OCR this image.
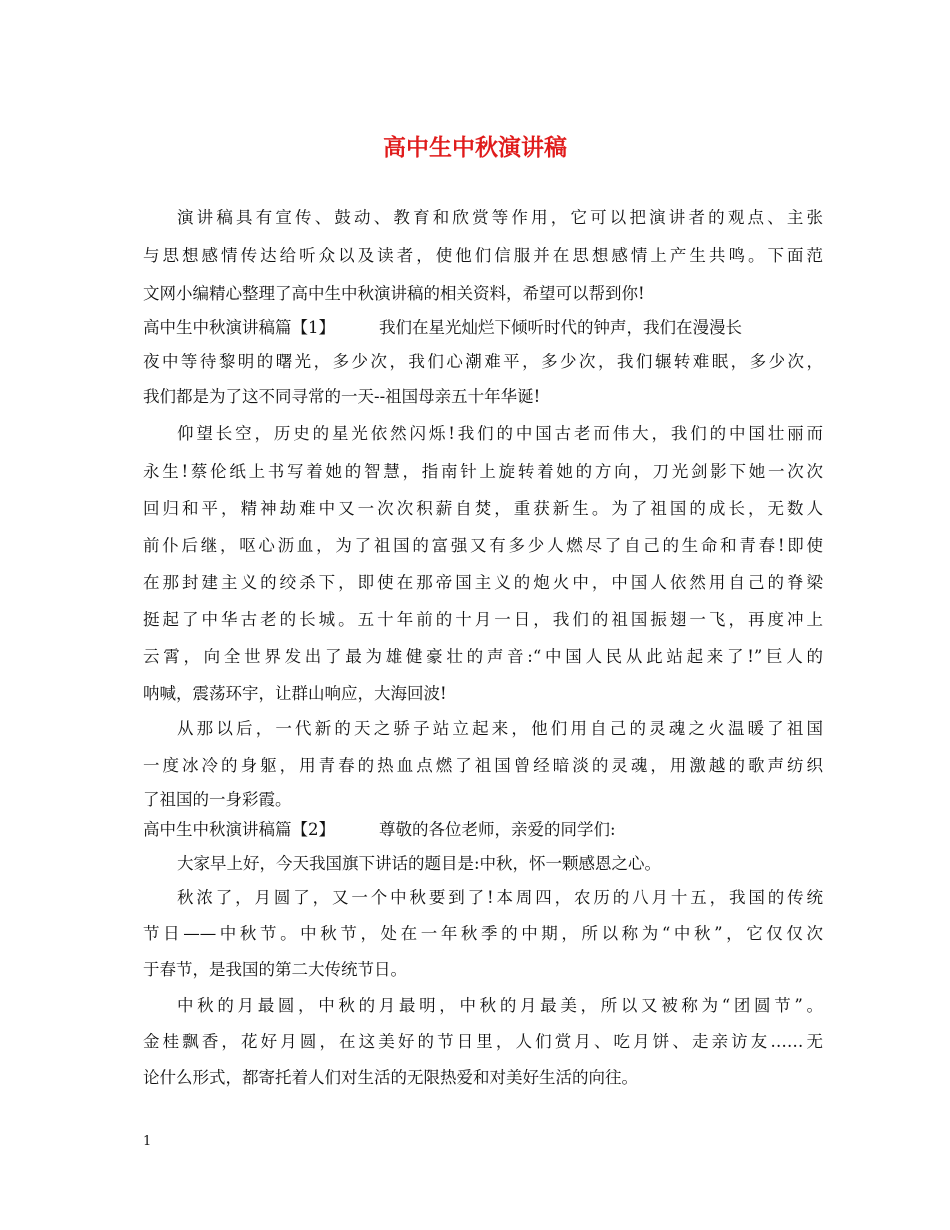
高中生中秋演讲稿

演讲稿具有宣传、鼓动、教育和欣赏等作用，它可以把演讲者的观点、主张

与思想感情传达给听众以及读者，使他们信服并在思想感情上产生共鸣。下面范

文网小编精心整理了高中生中秋演讲稿的相关资料，希望可以帮到你!

高中生中秋演讲稿篇【1】	我们在星光灿烂下倾听时代的钟声，我们在漫漫长

夜中等待黎明的曙光，多少次，我们心潮难平，多少次，我们辗转难眠，多少次，

我们都是为了这不同寻常的一天--祖国母亲五十年华诞!

仰望长空，历史的星光依然闪烁!我们的中国古老而伟大，我们的中国壮丽而

永生!蔡伦纸上书写着她的智慧，指南针上旋转着她的方向，刀光剑影下她一次次

回归和平，精神劫难中又一次次积薪自焚，重获新生。为了祖国的成长，无数人

前仆后继，呕心沥血，为了祖国的富强又有多少人燃尽了自己的生命和青春!即使

在那封建主义的绞杀下，即使在那帝国主义的炮火中，中国人依然用自己的脊梁

挺起了中华古老的长城。五十年前的十月一日，我们的祖国振翅一飞，再度冲上

云霄，向全世界发出了最为雄健豪壮的声音:“中国人民从此站起来了!”巨人的

呐喊，震荡环宇，让群山响应，大海回波!

从那以后，一代新的天之骄子站立起来，他们用自己的灵魂之火温暖了祖国

一度冰冷的身躯，用青春的热血点燃了祖国曾经暗淡的灵魂，用激越的歌声纺织

了祖国的一身彩霞。

高中生中秋演讲稿篇【2】	尊敬的各位老师，亲爱的同学们:

大家早上好，今天我国旗下讲话的题目是:中秋，怀一颗感恩之心。

秋浓了，月圆了，又一个中秋要到了!本周四，农历的八月十五，我国的传统

节日——中秋节。中秋节，处在一年秋季的中期，所以称为“中秋”，它仅仅次

于春节，是我国的第二大传统节日。

中秋的月最圆，中秋的月最明，中秋的月最美，所以又被称为“团圆节”。

金桂飘香，花好月圆，在这美好的节日里，人们赏月、吃月饼、走亲访友……无

论什么形式，都寄托着人们对生活的无限热爱和对美好生活的向往。

1
